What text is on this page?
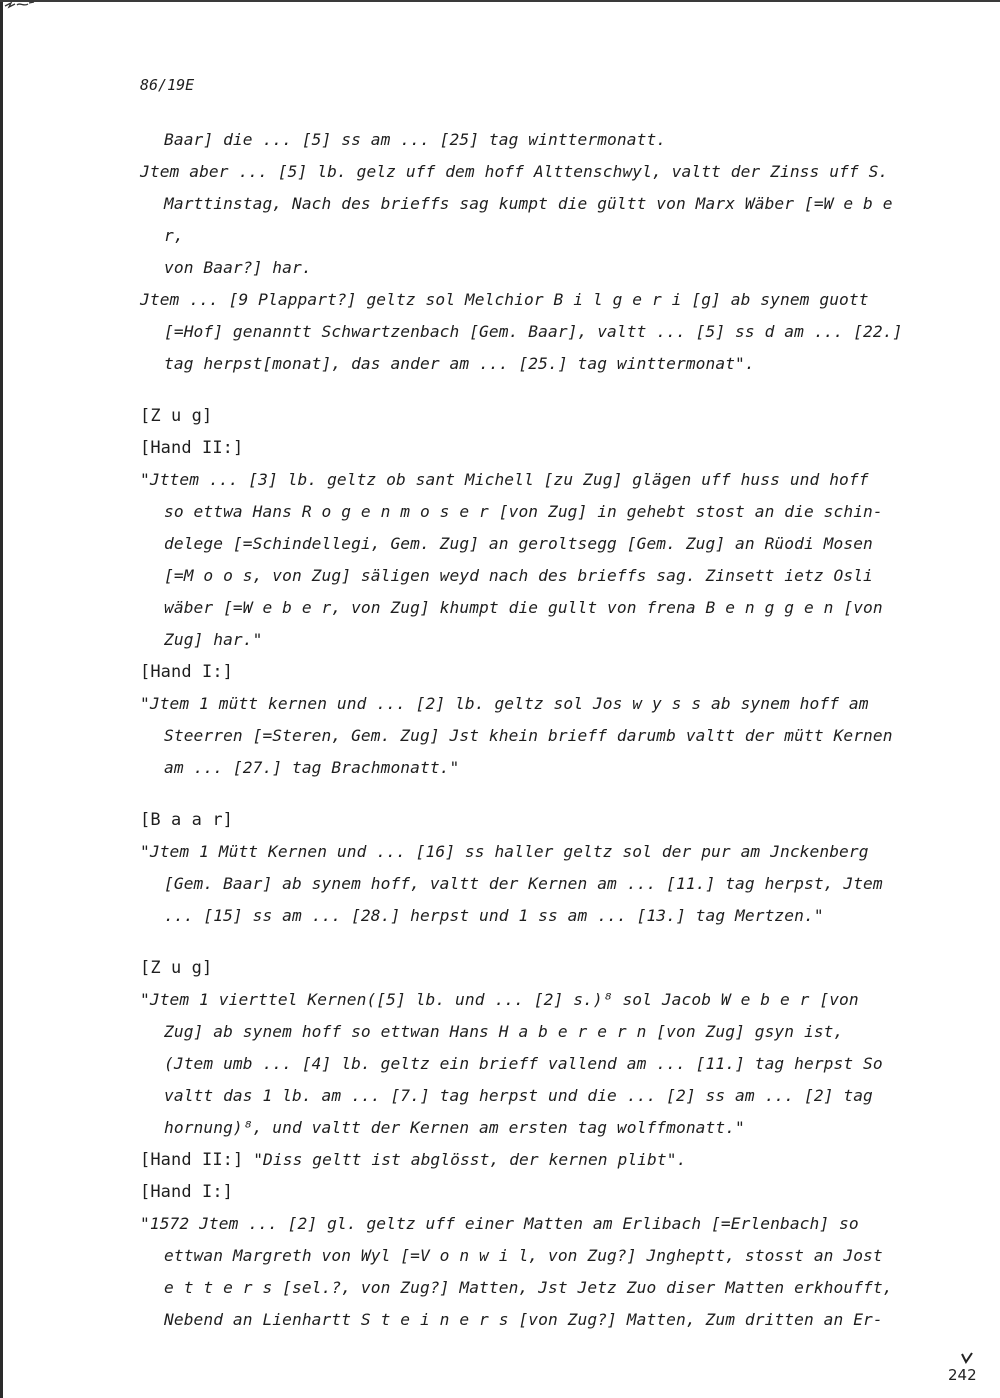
86/19E
Baar] die ... [5] ss am ... [25] tag winttermonatt.
Jtem aber ... [5] lb. gelz uff dem hoff Alttenschwyl, valtt der Zinss uff S.
Marttinstag, Nach des brieffs sag kumpt die gültt von Marx Wäber [=W e b e r,
von Baar?] har.
Jtem ... [9 Plappart?] geltz sol Melchior B i l g e r i [g] ab synem guott
[=Hof] genanntt Schwartzenbach [Gem. Baar], valtt ... [5] ss d am ... [22.]
tag herpst[monat], das ander am ... [25.] tag winttermonat".
[Z u g]
[Hand II:]
"Jttem ... [3] lb. geltz ob sant Michell [zu Zug] glägen uff huss und hoff
so ettwa Hans R o g e n m o s e r [von Zug] in gehebt stost an die schin-
delege [=Schindellegi, Gem. Zug] an geroltsegg [Gem. Zug] an Rüodi Mosen
[=M o o s, von Zug] säligen weyd nach des brieffs sag. Zinsett ietz Osli
wäber [=W e b e r, von Zug] khumpt die gullt von frena B e n g g e n [von
Zug] har."
[Hand I:]
"Jtem 1 mütt kernen und ... [2] lb. geltz sol Jos w y s s ab synem hoff am
Steerren [=Steren, Gem. Zug] Jst khein brieff darumb valtt der mütt Kernen
am ... [27.] tag Brachmonatt."
[B a a r]
"Jtem 1 Mütt Kernen und ... [16] ss haller geltz sol der pur am Jnckenberg
[Gem. Baar] ab synem hoff, valtt der Kernen am ... [11.] tag herpst, Jtem
... [15] ss am ... [28.] herpst und 1 ss am ... [13.] tag Mertzen."
[Z u g]
"Jtem 1 vierttel Kernen([5] lb. und ... [2] s.)⁸ sol Jacob W e b e r [von
Zug] ab synem hoff so ettwan Hans H a b e r e r n [von Zug] gsyn ist,
(Jtem umb ... [4] lb. geltz ein brieff vallend am ... [11.] tag herpst So
valtt das 1 lb. am ... [7.] tag herpst und die ... [2] ss am ... [2] tag
hornung)⁸, und valtt der Kernen am ersten tag wolffmonatt."
[Hand II:] "Diss geltt ist abglösst, der kernen plibt".
[Hand I:]
"1572 Jtem ... [2] gl. geltz uff einer Matten am Erlibach [=Erlenbach] so
ettwan Margreth von Wyl [=V o n w i l, von Zug?] Jngheptt, stosst an Jost
e t t e r s [sel.?, von Zug?] Matten, Jst Jetz Zuo diser Matten erkhoufft,
Nebend an Lienhartt S t e i n e r s [von Zug?] Matten, Zum dritten an Er-
242
